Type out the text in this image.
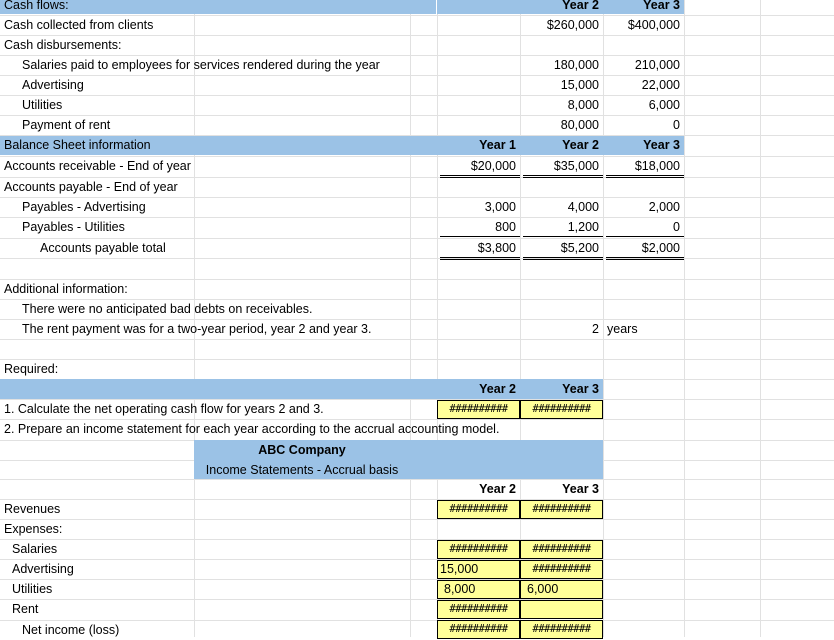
Cash flows:	Year 2	Year 3
Cash collected from clients	$260,000	$400,000
Cash disbursements:
Salaries paid to employees for services rendered during the year	180,000	210,000
Advertising	15,000	22,000
Utilities	8,000	6,000
Payment of rent	80,000	0
Balance Sheet information	Year 1	Year 2	Year 3
Accounts receivable - End of year	$20,000	$35,000	$18,000
Accounts payable - End of year
Payables - Advertising	3,000	4,000	2,000
Payables - Utilities	800	1,200	0
Accounts payable total	$3,800	$5,200	$2,000
Additional information:
There were no anticipated bad debts on receivables.
The rent payment was for a two-year period, year 2 and year 3.	2 years
Required:
Year 2	Year 3
1. Calculate the net operating cash flow for years 2 and 3.	##########	##########
2. Prepare an income statement for each year according to the accrual accounting model.
ABC Company
Income Statements - Accrual basis
Year 2	Year 3
Revenues	##########	##########
Expenses:
Salaries	##########	##########
Advertising	15,000	##########
Utilities	8,000	6,000
Rent	##########
Net income (loss)	##########	##########
